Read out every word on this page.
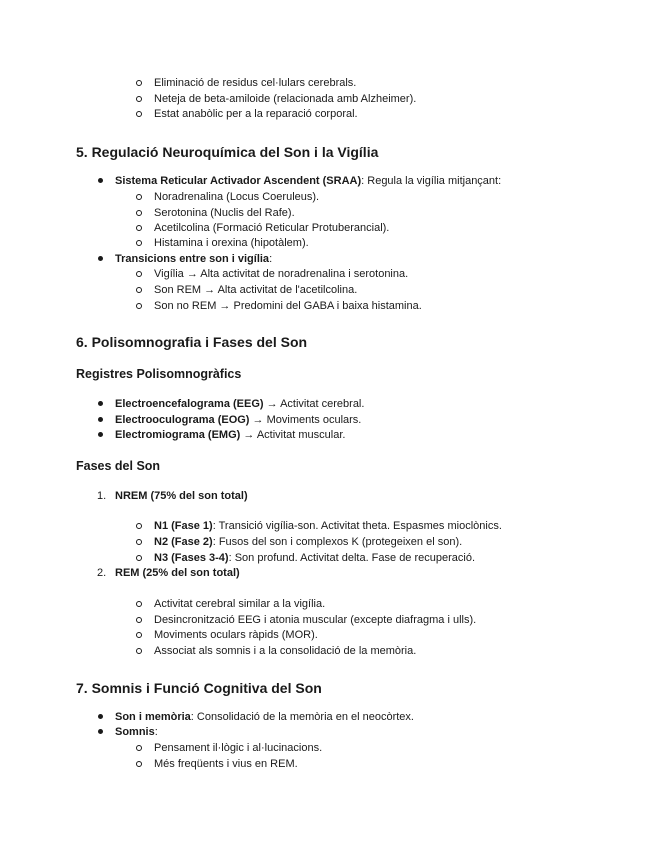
Eliminació de residus cel·lulars cerebrals.
Neteja de beta-amiloide (relacionada amb Alzheimer).
Estat anabòlic per a la reparació corporal.
5. Regulació Neuroquímica del Son i la Vigília
Sistema Reticular Activador Ascendent (SRAA): Regula la vigília mitjançant:
Noradrenalina (Locus Coeruleus).
Serotonina (Nuclis del Rafe).
Acetilcolina (Formació Reticular Protuberancial).
Histamina i orexina (hipotàlem).
Transicions entre son i vigília:
Vigília → Alta activitat de noradrenalina i serotonina.
Son REM → Alta activitat de l'acetilcolina.
Son no REM → Predomini del GABA i baixa histamina.
6. Polisomnografia i Fases del Son
Registres Polisomnogràfics
Electroencefalograma (EEG) → Activitat cerebral.
Electrooculograma (EOG) → Moviments oculars.
Electromiograma (EMG) → Activitat muscular.
Fases del Son
1. NREM (75% del son total)
N1 (Fase 1): Transició vigília-son. Activitat theta. Espasmes mioclònics.
N2 (Fase 2): Fusos del son i complexos K (protegeixen el son).
N3 (Fases 3-4): Son profund. Activitat delta. Fase de recuperació.
2. REM (25% del son total)
Activitat cerebral similar a la vigília.
Desincronització EEG i atonia muscular (excepte diafragma i ulls).
Moviments oculars ràpids (MOR).
Associat als somnis i a la consolidació de la memòria.
7. Somnis i Funció Cognitiva del Son
Son i memòria: Consolidació de la memòria en el neocòrtex.
Somnis:
Pensament il·lògic i al·lucinacions.
Més freqüents i vius en REM.
